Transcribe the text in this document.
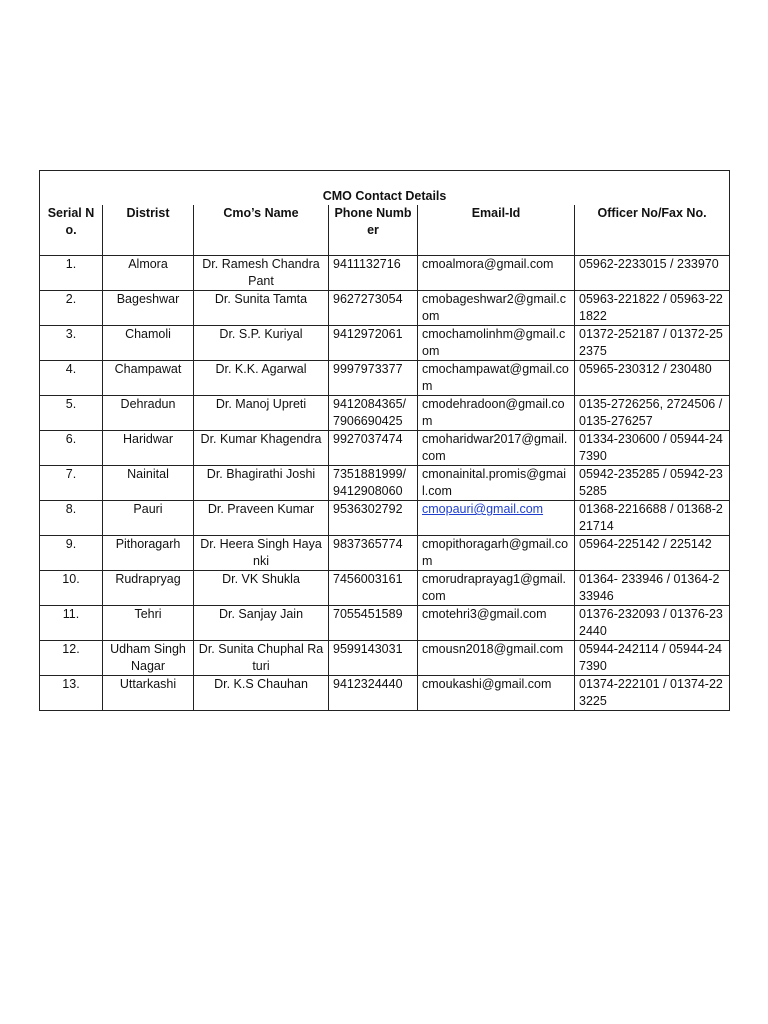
CMO Contact Details					
Serial No.	Distrist	Cmo’s Name	Phone Number	Email-Id	Officer No/Fax No.
1.	Almora	Dr. Ramesh Chandra Pant	9411132716	cmoalmora@gmail.com	05962-2233015 / 233970
2.	Bageshwar	Dr. Sunita Tamta	9627273054	cmobageshwar2@gmail.com	05963-221822 / 05963-221822
3.	Chamoli	Dr. S.P. Kuriyal	9412972061	cmochamolinhm@gmail.com	01372-252187 / 01372-252375
4.	Champawat	Dr. K.K. Agarwal	9997973377	cmochampawat@gmail.com	05965-230312 / 230480
5.	Dehradun	Dr. Manoj Upreti	9412084365/ 7906690425	cmodehradoon@gmail.com	0135-2726256, 2724506 / 0135-276257
6.	Haridwar	Dr. Kumar Khagendra	9927037474	cmoharidwar2017@gmail.com	01334-230600 / 05944-247390
7.	Nainital	Dr. Bhagirathi Joshi	7351881999/ 9412908060	cmonainital.promis@gmail.com	05942-235285 / 05942-235285
8.	Pauri	Dr. Praveen Kumar	9536302792	cmopauri@gmail.com	01368-2216688 / 01368-221714
9.	Pithoragarh	Dr. Heera Singh Hayanki	9837365774	cmopithoragarh@gmail.com	05964-225142 / 225142
10.	Rudrapryag	Dr. VK Shukla	7456003161	cmorudraprayag1@gmail.com	01364- 233946 / 01364-233946
11.	Tehri	Dr. Sanjay Jain	7055451589	cmotehri3@gmail.com	01376-232093 / 01376-232440
12.	Udham Singh Nagar	Dr. Sunita Chuphal Raturi	9599143031	cmousn2018@gmail.com	05944-242114 / 05944-247390
13.	Uttarkashi	Dr. K.S Chauhan	9412324440	cmoukashi@gmail.com	01374-222101 / 01374-223225
